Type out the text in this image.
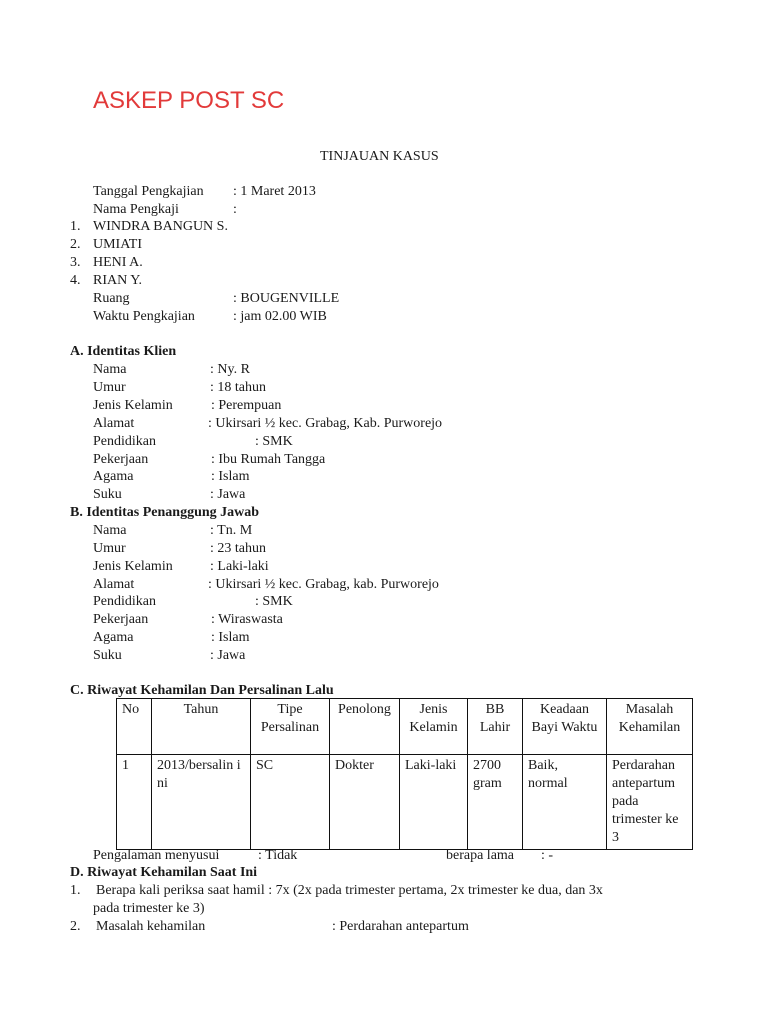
ASKEP POST SC
TINJAUAN KASUS
Tanggal Pengkajian : 1 Maret 2013
Nama Pengkaji	:
1. WINDRA BANGUN S.
2. UMIATI
3. HENI A.
4. RIAN Y.
Ruang	: BOUGENVILLE
Waktu Pengkajian	: jam 02.00 WIB
A. Identitas Klien
Nama	: Ny. R
Umur	: 18 tahun
Jenis Kelamin	: Perempuan
Alamat	: Ukirsari ½ kec. Grabag, Kab. Purworejo
Pendidikan	: SMK
Pekerjaan	: Ibu Rumah Tangga
Agama	: Islam
Suku	: Jawa
B. Identitas Penanggung Jawab
Nama	: Tn. M
Umur	: 23 tahun
Jenis Kelamin	: Laki-laki
Alamat	: Ukirsari ½ kec. Grabag, kab. Purworejo
Pendidikan	: SMK
Pekerjaan	: Wiraswasta
Agama	: Islam
Suku	: Jawa
C. Riwayat Kehamilan Dan Persalinan Lalu
No	Tahun	Tipe Persalinan	Penolong	Jenis Kelamin	BB Lahir	Keadaan Bayi Waktu	Masalah Kehamilan
1	2013/bersalin ini	SC	Dokter	Laki-laki	2700 gram	Baik, normal	Perdarahan antepartum pada trimester ke 3
Pengalaman menyusui	: Tidak	berapa lama : -
D. Riwayat Kehamilan Saat Ini
1. Berapa kali periksa saat hamil : 7x (2x pada trimester pertama, 2x trimester ke dua, dan 3x
pada trimester ke 3)
2. Masalah kehamilan	: Perdarahan antepartum
